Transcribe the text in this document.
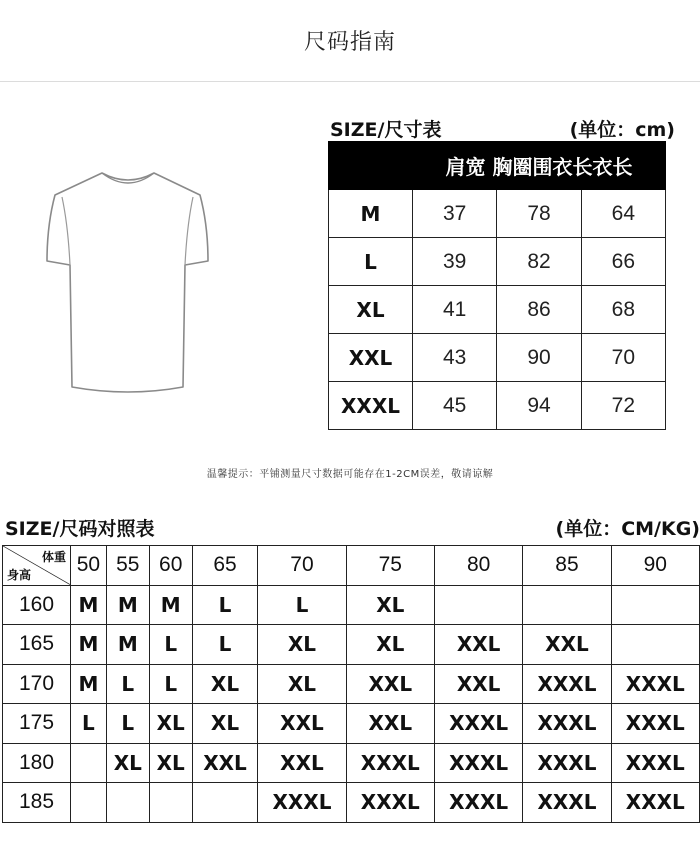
尺码指南
SIZE/尺寸表	(单位：cm)
	肩宽 胸圈围衣长衣长		
M	37	78	64
L	39	82	66
XL	41	86	68
XXL	43	90	70
XXXL	45	94	72
温馨提示：平铺测量尺寸数据可能存在1-2CM误差，敬请谅解
SIZE/尺码对照表	(单位：CM/KG)
体重
身高	50	55	60	65	70	75	80	85	90
160	M	M	M	L	L	XL			
165	M	M	L	L	XL	XL	XXL	XXL	
170	M	L	L	XL	XL	XXL	XXL	XXXL	XXXL
175	L	L	XL	XL	XXL	XXL	XXXL	XXXL	XXXL
180		XL	XL	XXL	XXL	XXXL	XXXL	XXXL	XXXL
185					XXXL	XXXL	XXXL	XXXL	XXXL
